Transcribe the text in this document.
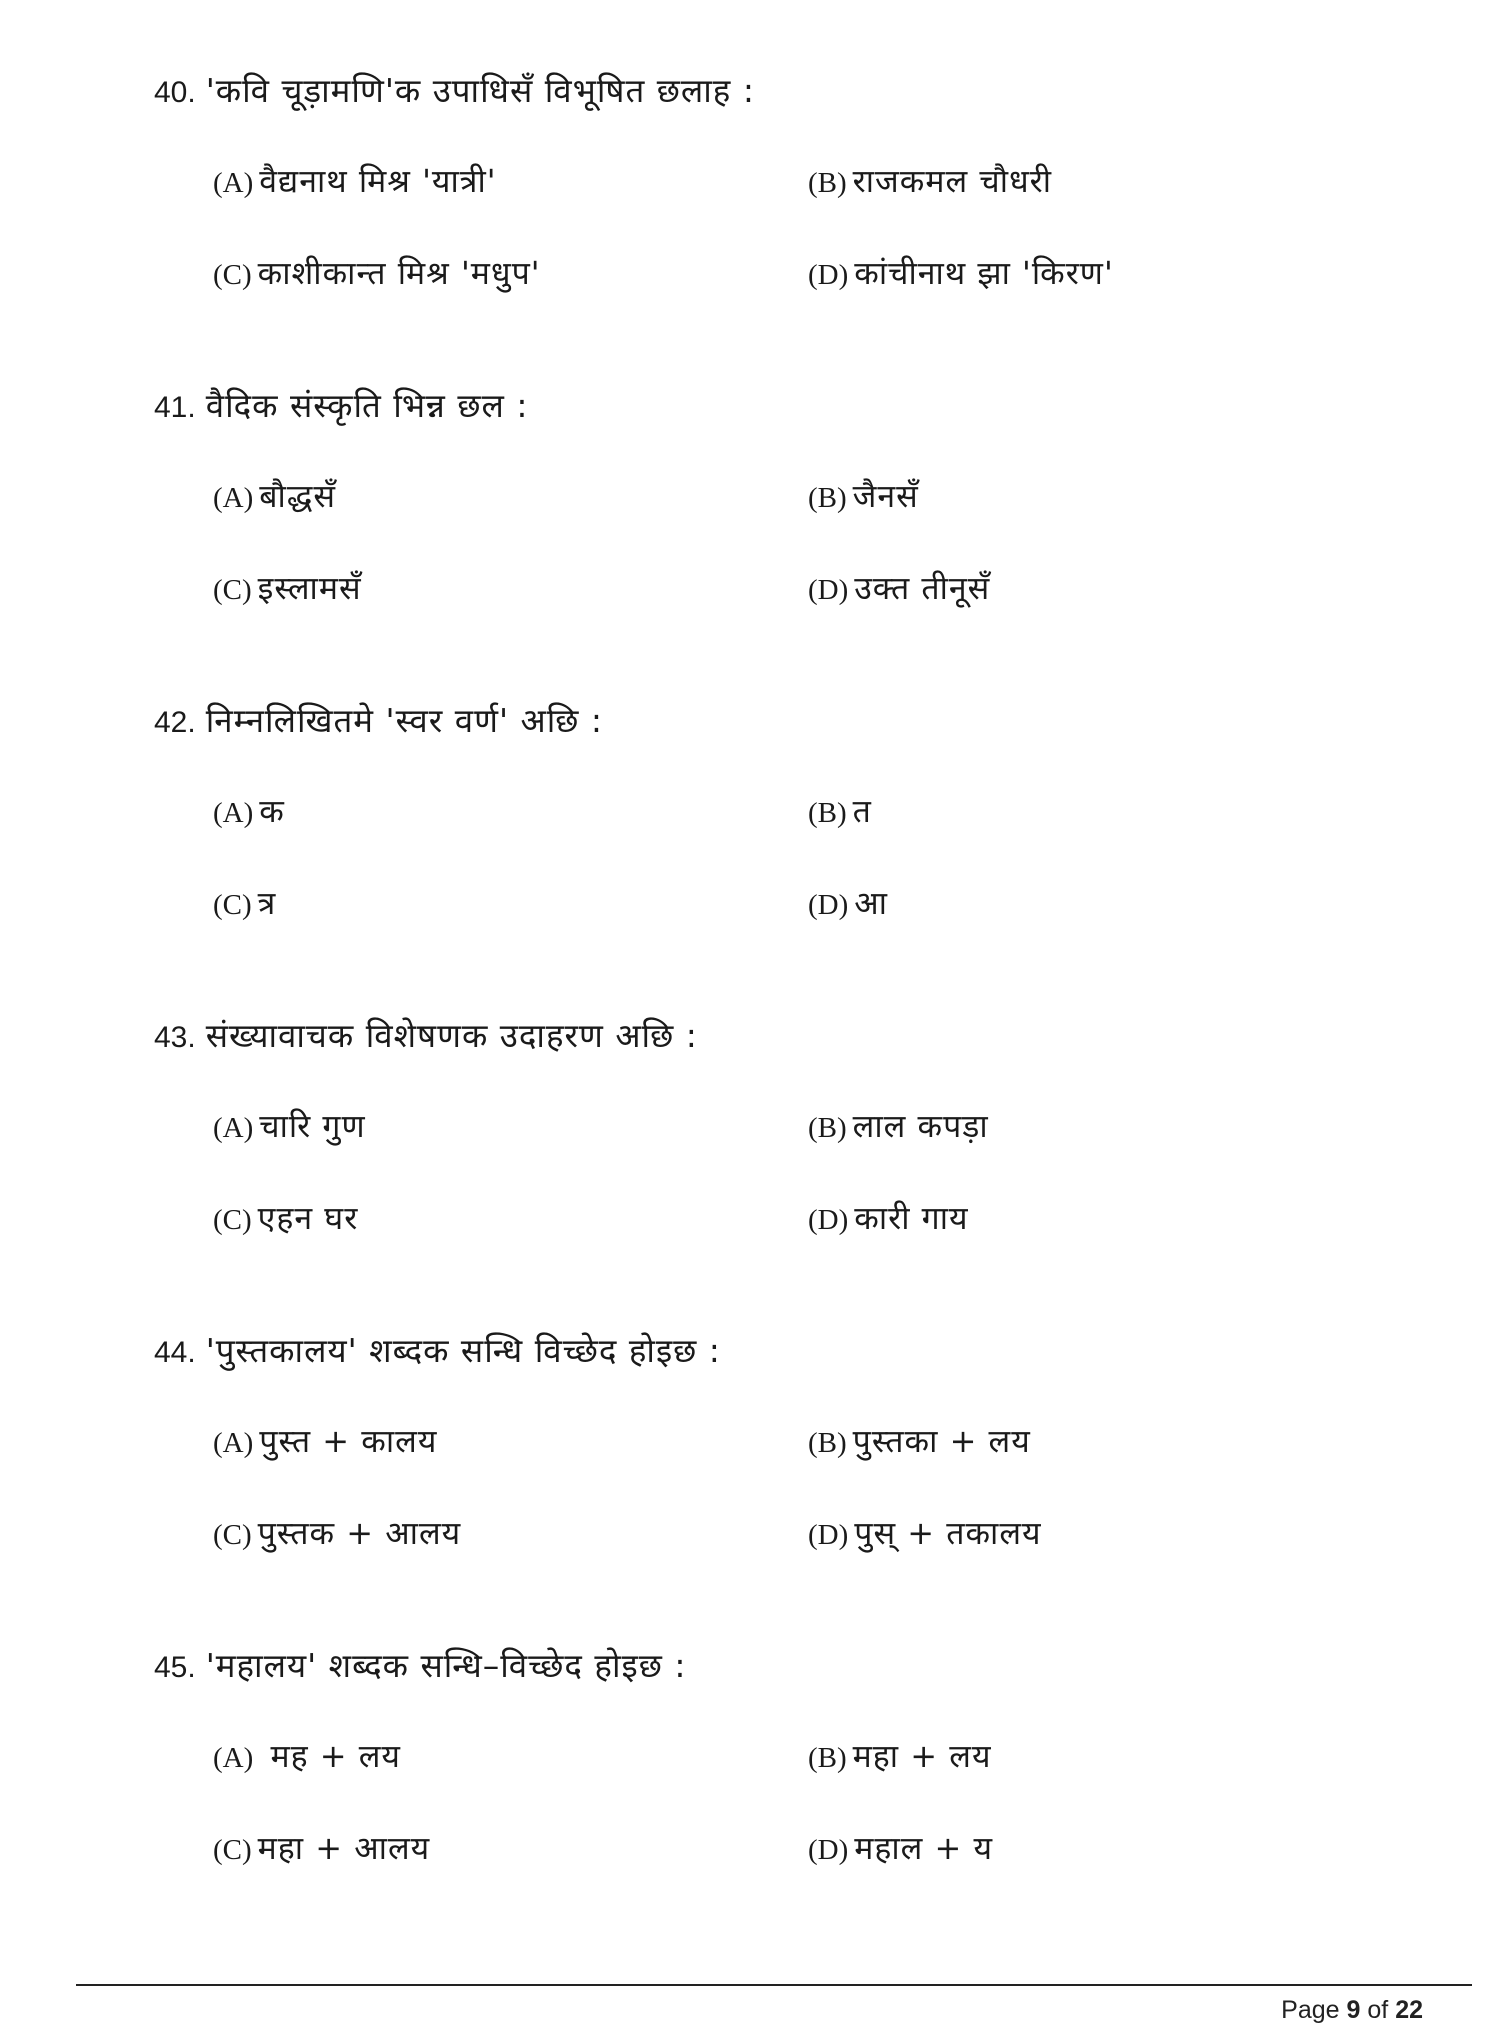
40. 'कवि चूड़ामणि'क उपाधिसँ विभूषित छलाह :
(A) वैद्यनाथ मिश्र 'यात्री'	(B) राजकमल चौधरी
(C) काशीकान्त मिश्र 'मधुप'	(D) कांचीनाथ झा 'किरण'
41. वैदिक संस्कृति भिन्न छल :
(A) बौद्धसँ	(B) जैनसँ
(C) इस्लामसँ	(D) उक्त तीनूसँ
42. निम्नलिखितमे 'स्वर वर्ण' अछि :
(A) क	(B) त
(C) त्र	(D) आ
43. संख्यावाचक विशेषणक उदाहरण अछि :
(A) चारि गुण	(B) लाल कपड़ा
(C) एहन घर	(D) कारी गाय
44. 'पुस्तकालय' शब्दक सन्धि विच्छेद होइछ :
(A) पुस्त + कालय	(B) पुस्तका + लय
(C) पुस्तक + आलय	(D) पुस् + तकालय
45. 'महालय' शब्दक सन्धि–विच्छेद होइछ :
(A) मह + लय	(B) महा + लय
(C) महा + आलय	(D) महाल + य
Page 9 of 22
